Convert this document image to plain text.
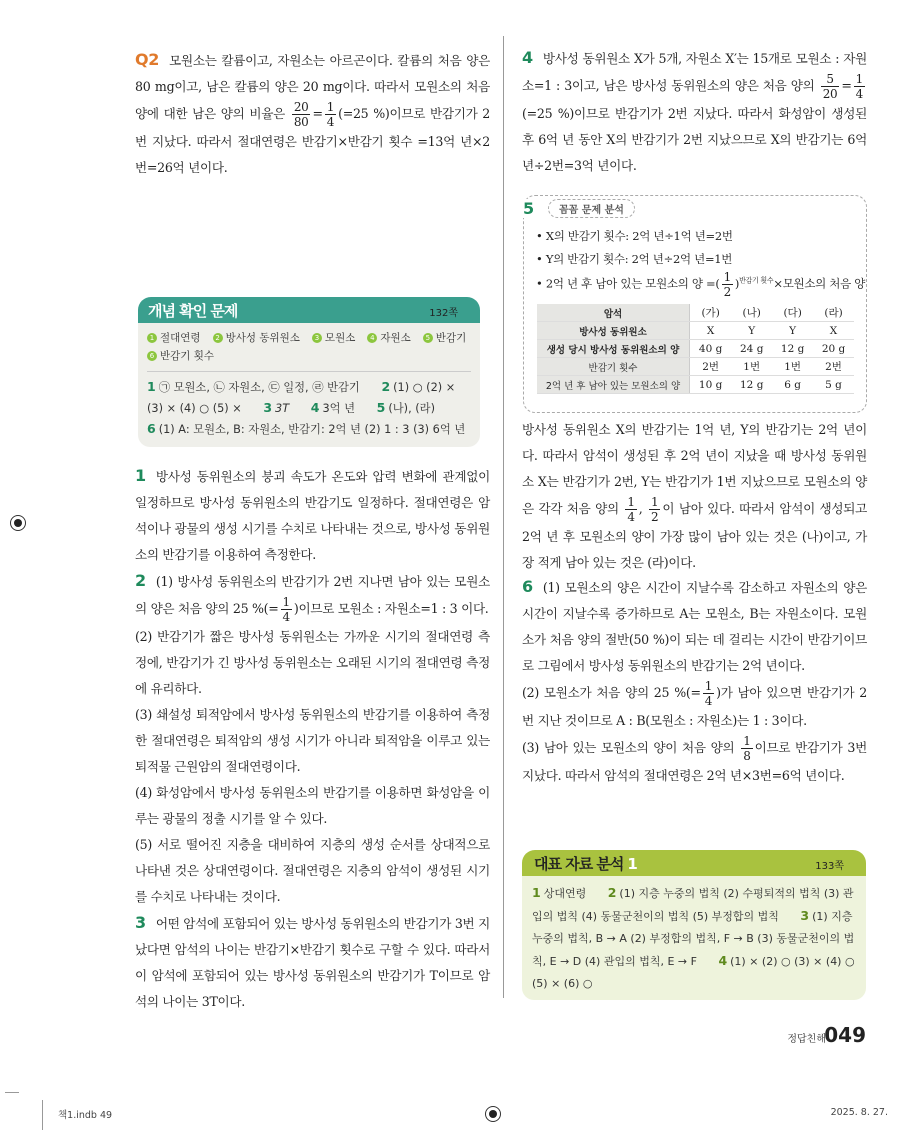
Q2 모원소는 칼륨이고, 자원소는 아르곤이다. 칼륨의 처음 양은 80 mg이고, 남은 칼륨의 양은 20 mg이다. 따라서 모원소의 처음 양에 대한 남은 양의 비율은 $\frac{20}{80} = \frac{1}{4} (=25$ %)이므로 반감기가 2번 지났다. 따라서 절대연령은 반감기×반감기 횟수 =13억 년×2번=26억 년이다.
개념 확인 문제	132쪽
1 절대연령 2 방사성 동위원소 3 모원소 4 자원소 5 반감기
6 반감기 횟수
1 ㉠ 모원소, ㉡ 자원소, ㉢ 일정, ㉣ 반감기 2 (1) ○ (2) × (3) × (4) ○ (5) × 3 3T 4 3억 년 5 (나), (라)
6 (1) A: 모원소, B: 자원소, 반감기: 2억 년 (2) 1 : 3 (3) 6억 년
1 방사성 동위원소의 붕괴 속도가 온도와 압력 변화에 관계없이 일정하므로 방사성 동위원소의 반감기도 일정하다. 절대연령은 암석이나 광물의 생성 시기를 수치로 나타내는 것으로, 방사성 동위원소의 반감기를 이용하여 측정한다.
2 (1) 방사성 동위원소의 반감기가 2번 지나면 남아 있는 모원소의 양은 처음 양의 25 %(= $\frac{1}{4}$ )이므로 모원소 : 자원소=1 : 3 이다.
(2) 반감기가 짧은 방사성 동위원소는 가까운 시기의 절대연령 측정에, 반감기가 긴 방사성 동위원소는 오래된 시기의 절대연령 측정에 유리하다.
(3) 쇄설성 퇴적암에서 방사성 동위원소의 반감기를 이용하여 측정한 절대연령은 퇴적암의 생성 시기가 아니라 퇴적암을 이루고 있는 퇴적물 근원암의 절대연령이다.
(4) 화성암에서 방사성 동위원소의 반감기를 이용하면 화성암을 이루는 광물의 정출 시기를 알 수 있다.
(5) 서로 떨어진 지층을 대비하여 지층의 생성 순서를 상대적으로 나타낸 것은 상대연령이다. 절대연령은 지층의 암석이 생성된 시기를 수치로 나타내는 것이다.
3 어떤 암석에 포함되어 있는 방사성 동위원소의 반감기가 3번 지났다면 암석의 나이는 반감기×반감기 횟수로 구할 수 있다. 따라서 이 암석에 포함되어 있는 방사성 동위원소의 반감기가 T이므로 암석의 나이는 3T이다.
4 방사성 동위원소 X가 5개, 자원소 X′는 15개로 모원소 : 자원소=1 : 3이고, 남은 방사성 동위원소의 양은 처음 양의 $\frac{5}{20} = \frac{1}{4}$
(=25 %)이므로 반감기가 2번 지났다. 따라서 화성암이 생성된 후 6억 년 동안 X의 반감기가 2번 지났으므로 X의 반감기는 6억 년÷2번=3억 년이다.
5	꼼꼼 문제 분석
• X의 반감기 횟수: 2억 년÷1억 년=2번
• Y의 반감기 횟수: 2억 년÷2억 년=1번
• 2억 년 후 남아 있는 모원소의 양 =( $\frac{1}{2} )^{반감기 횟수}\times$모원소의 처음 양
암석	(가)	(나)	(다)	(라)
방사성 동위원소	X	Y	Y	X
생성 당시 방사성 동위원소의 양	40 g	24 g	12 g	20 g
반감기 횟수	2번	1번	1번	2번
2억 년 후 남아 있는 모원소의 양	10 g	12 g	6 g	5 g
방사성 동위원소 X의 반감기는 1억 년, Y의 반감기는 2억 년이다. 따라서 암석이 생성된 후 2억 년이 지났을 때 방사성 동위원소 X는 반감기가 2번, Y는 반감기가 1번 지났으므로 모원소의 양은 각각 처음 양의 $\frac{1}{4}$ , $\frac{1}{2}$ 이 남아 있다. 따라서 암석이 생성되고 2억 년 후 모원소의 양이 가장 많이 남아 있는 것은 (나)이고, 가장 적게 남아 있는 것은 (라)이다.
6 (1) 모원소의 양은 시간이 지날수록 감소하고 자원소의 양은 시간이 지날수록 증가하므로 A는 모원소, B는 자원소이다. 모원소가 처음 양의 절반(50 %)이 되는 데 걸리는 시간이 반감기이므로 그림에서 방사성 동위원소의 반감기는 2억 년이다.
(2) 모원소가 처음 양의 25 %(= $\frac{1}{4}$ )가 남아 있으면 반감기가 2번 지난 것이므로 A : B(모원소 : 자원소)는 1 : 3이다.
(3) 남아 있는 모원소의 양이 처음 양의 $\frac{1}{8}$ 이므로 반감기가 3번 지났다. 따라서 암석의 절대연령은 2억 년×3번=6억 년이다.
대표 자료 분석 1	133쪽
1 상대연령 2 (1) 지층 누중의 법칙 (2) 수평퇴적의 법칙 (3) 관입의 법칙 (4) 동물군천이의 법칙 (5) 부정합의 법칙 3 (1) 지층 누중의 법칙, B → A (2) 부정합의 법칙, F → B (3) 동물군천이의 법칙, E → D (4) 관입의 법칙, E → F 4 (1) × (2) ○ (3) × (4) ○ (5) × (6) ○
정답친해
049
책1.indb 49	2025. 8. 27.
